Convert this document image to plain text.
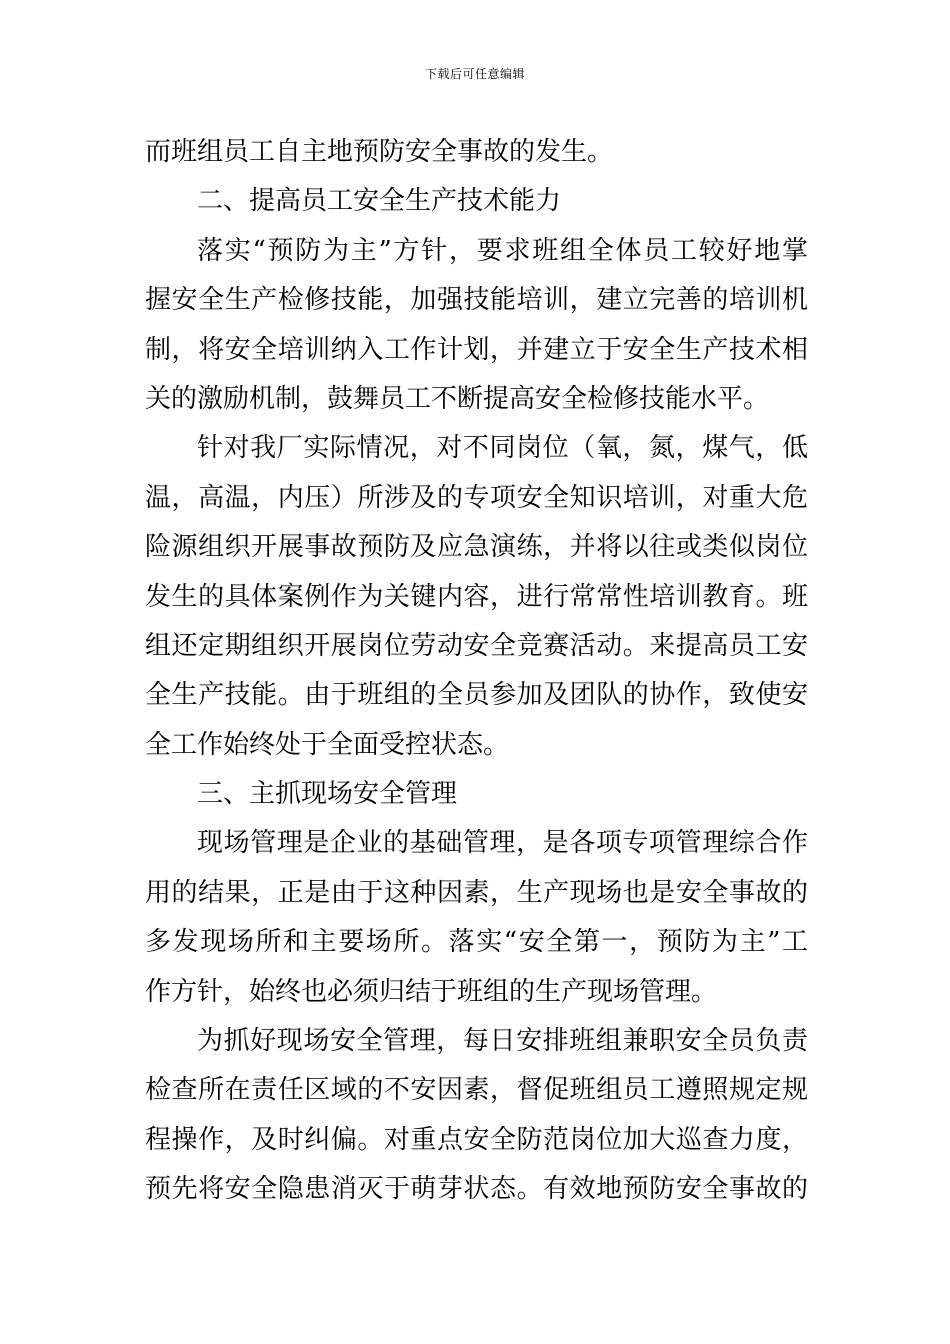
下载后可任意编辑
而班组员工自主地预防安全事故的发生。
二、提高员工安全生产技术能力
落实“预防为主”方针，要求班组全体员工较好地掌
握安全生产检修技能，加强技能培训，建立完善的培训机
制，将安全培训纳入工作计划，并建立于安全生产技术相
关的激励机制，鼓舞员工不断提高安全检修技能水平。
针对我厂实际情况，对不同岗位（氧，氮，煤气，低
温，高温，内压）所涉及的专项安全知识培训，对重大危
险源组织开展事故预防及应急演练，并将以往或类似岗位
发生的具体案例作为关键内容，进行常常性培训教育。班
组还定期组织开展岗位劳动安全竞赛活动。来提高员工安
全生产技能。由于班组的全员参加及团队的协作，致使安
全工作始终处于全面受控状态。
三、主抓现场安全管理
现场管理是企业的基础管理，是各项专项管理综合作
用的结果，正是由于这种因素，生产现场也是安全事故的
多发现场所和主要场所。落实“安全第一，预防为主”工
作方针，始终也必须归结于班组的生产现场管理。
为抓好现场安全管理，每日安排班组兼职安全员负责
检查所在责任区域的不安因素，督促班组员工遵照规定规
程操作，及时纠偏。对重点安全防范岗位加大巡查力度，
预先将安全隐患消灭于萌芽状态。有效地预防安全事故的
